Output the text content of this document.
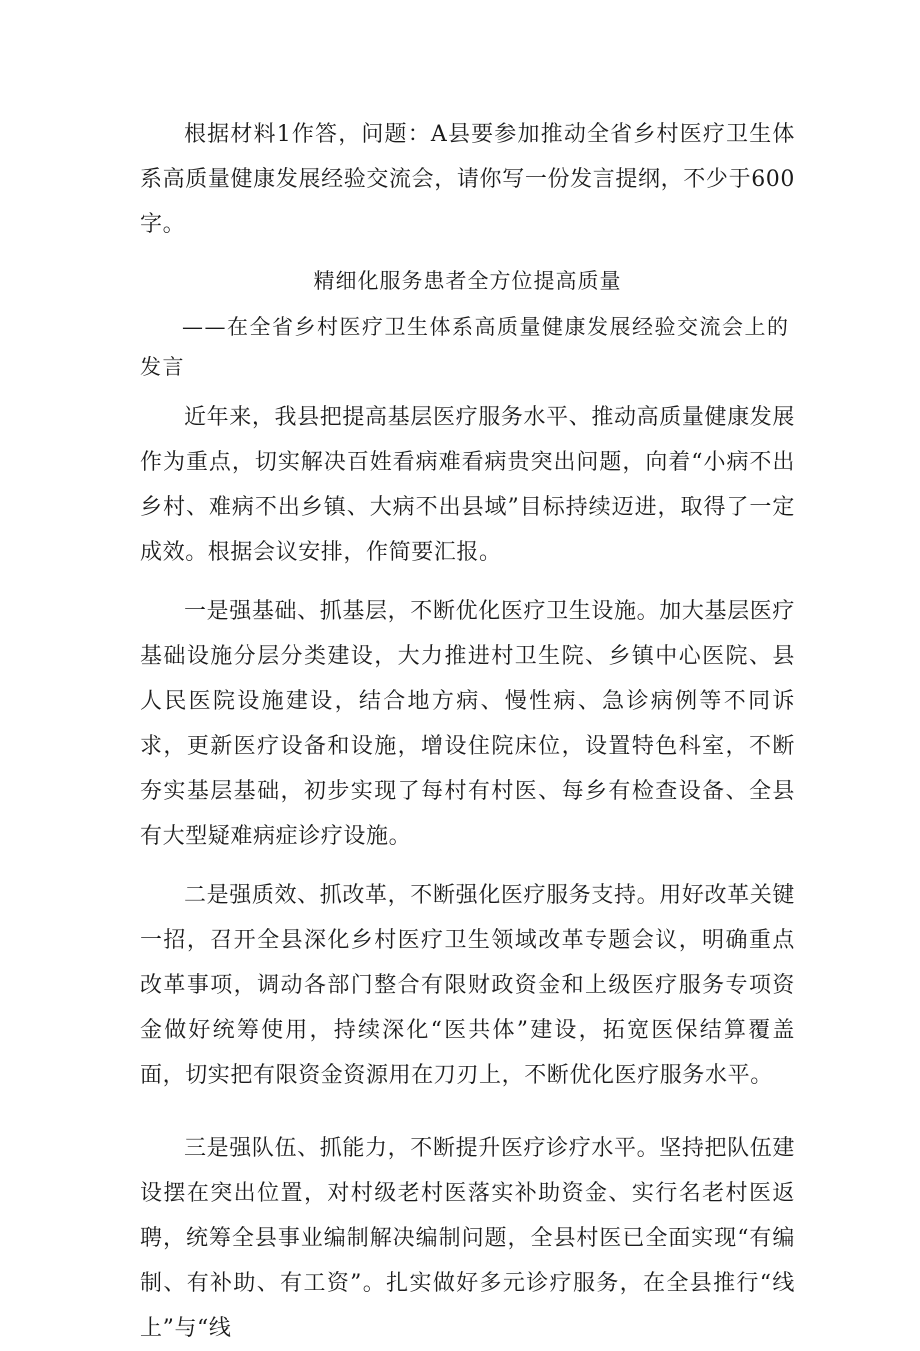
根据材料1作答，问题：A县要参加推动全省乡村医疗卫生体系高质量健康发展经验交流会，请你写一份发言提纲，不少于600字。

精细化服务患者全方位提高质量

——在全省乡村医疗卫生体系高质量健康发展经验交流会上的发言

近年来，我县把提高基层医疗服务水平、推动高质量健康发展作为重点，切实解决百姓看病难看病贵突出问题，向着“小病不出乡村、难病不出乡镇、大病不出县域”目标持续迈进，取得了一定成效。根据会议安排，作简要汇报。

一是强基础、抓基层，不断优化医疗卫生设施。加大基层医疗基础设施分层分类建设，大力推进村卫生院、乡镇中心医院、县人民医院设施建设，结合地方病、慢性病、急诊病例等不同诉求，更新医疗设备和设施，增设住院床位，设置特色科室，不断夯实基层基础，初步实现了每村有村医、每乡有检查设备、全县有大型疑难病症诊疗设施。

二是强质效、抓改革，不断强化医疗服务支持。用好改革关键一招，召开全县深化乡村医疗卫生领域改革专题会议，明确重点改革事项，调动各部门整合有限财政资金和上级医疗服务专项资金做好统筹使用，持续深化“医共体”建设，拓宽医保结算覆盖面，切实把有限资金资源用在刀刃上，不断优化医疗服务水平。

三是强队伍、抓能力，不断提升医疗诊疗水平。坚持把队伍建设摆在突出位置，对村级老村医落实补助资金、实行名老村医返聘，统筹全县事业编制解决编制问题，全县村医已全面实现“有编制、有补助、有工资”。扎实做好多元诊疗服务，在全县推行“线上”与“线
